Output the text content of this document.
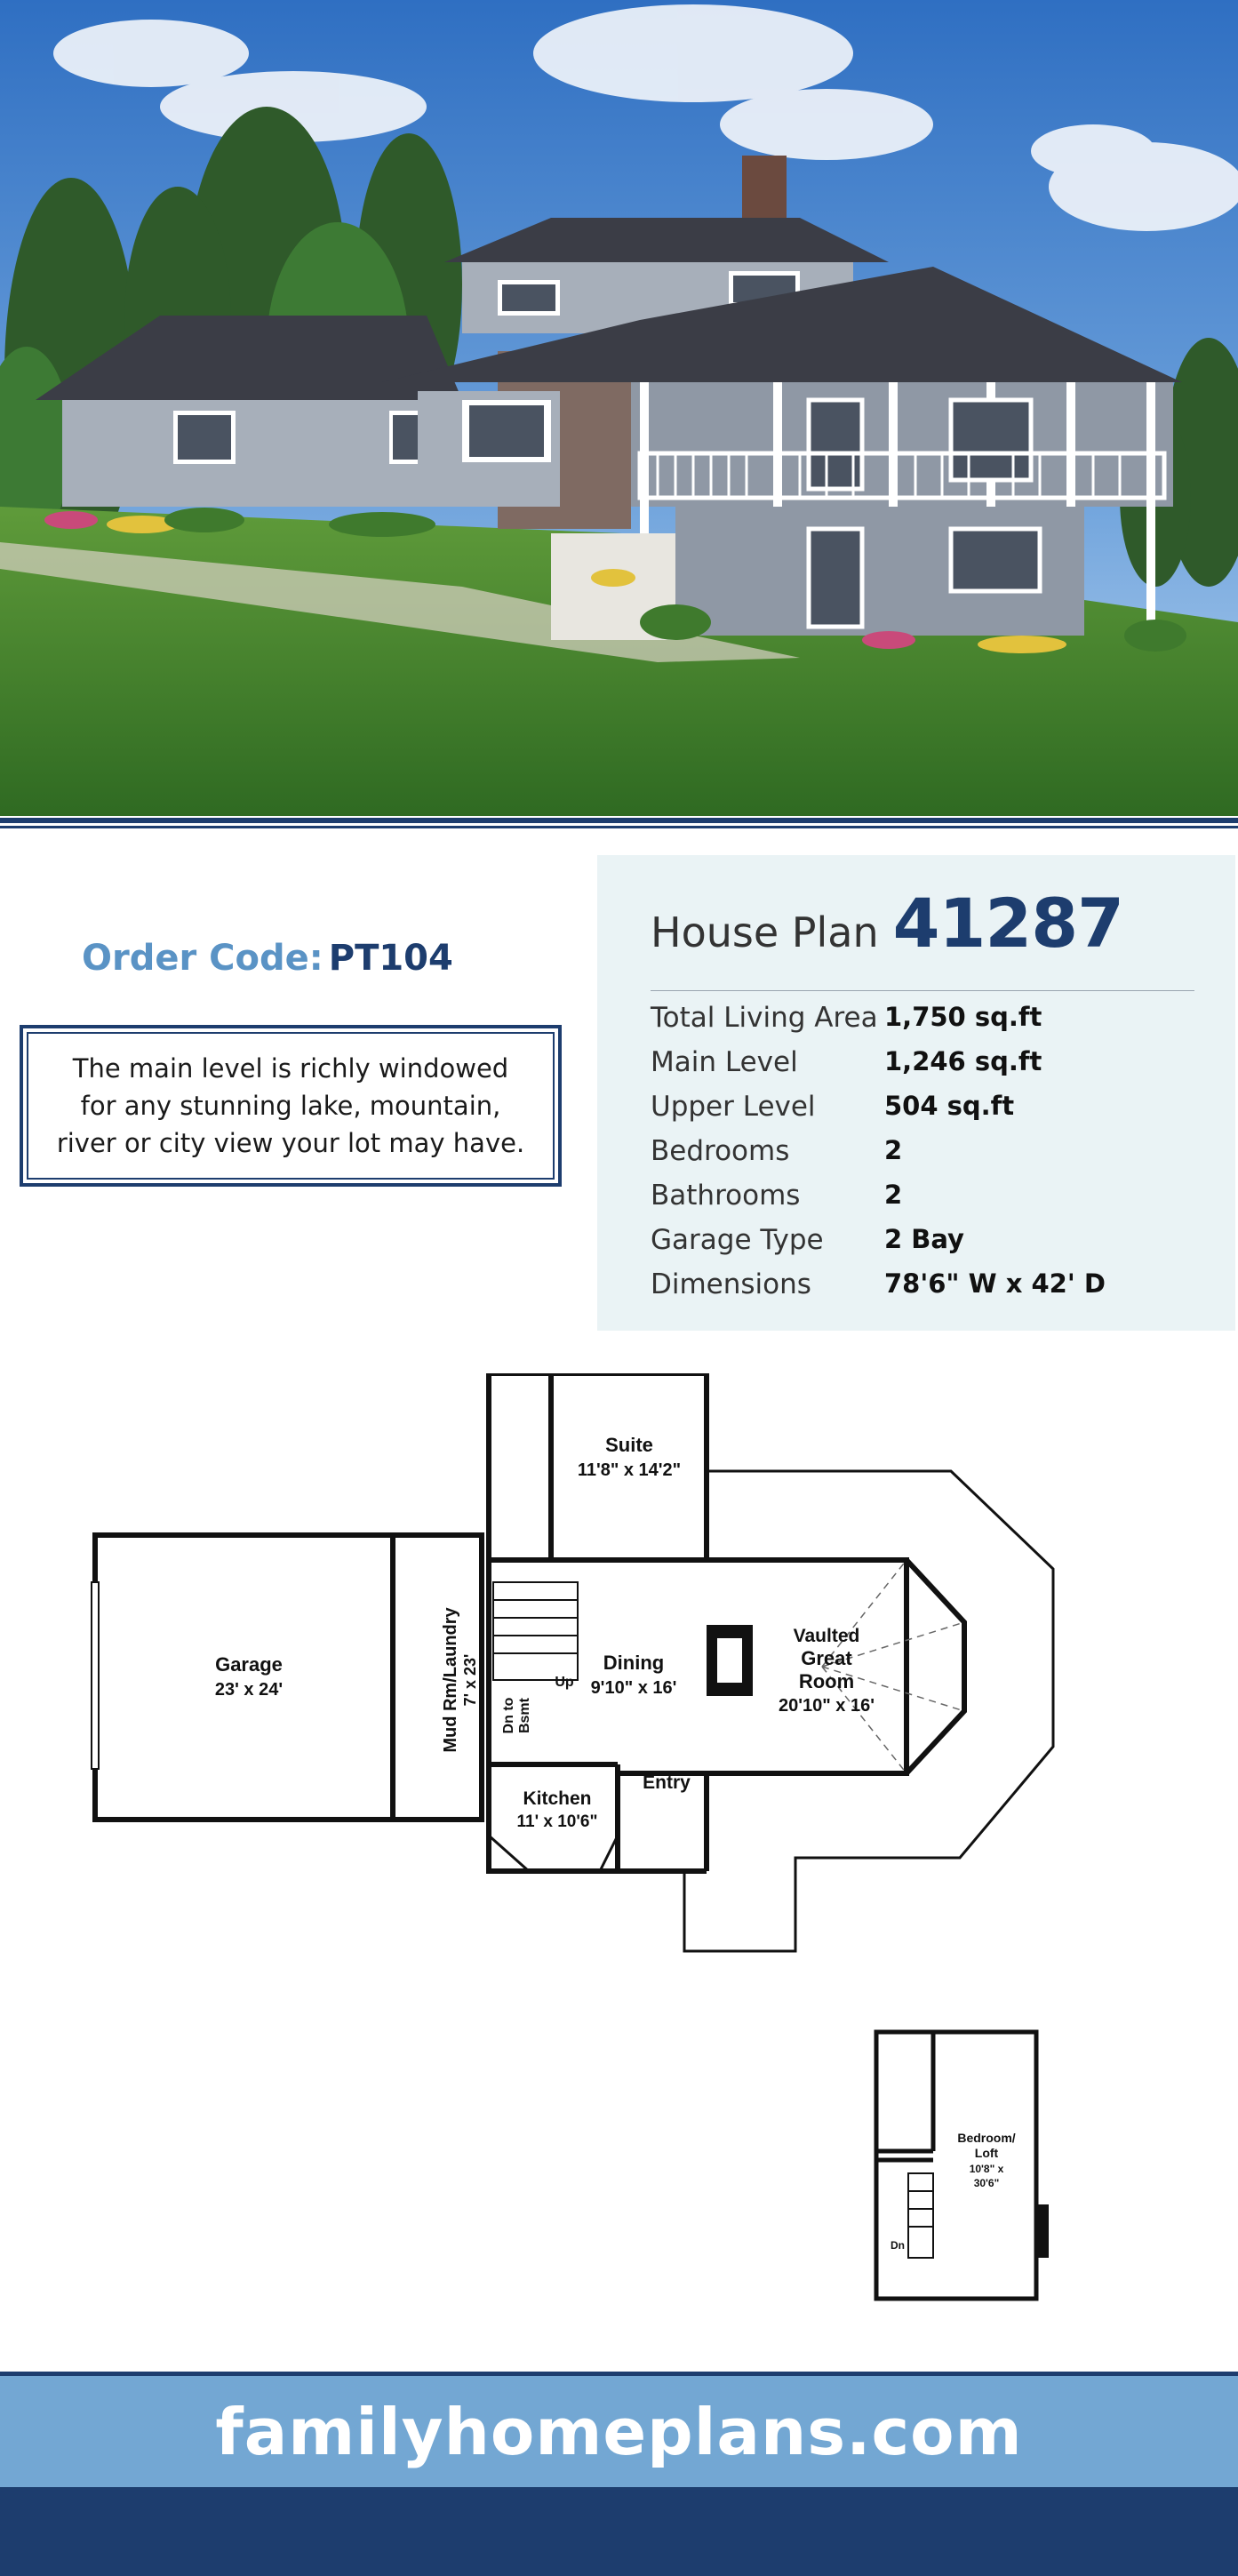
Order Code: PT104

The main level is richly windowed
for any stunning lake, mountain,
river or city view your lot may have.

House Plan 41287
Total Living Area 1,750 sq.ft
Main Level	1,246 sq.ft
Upper Level	504 sq.ft
Bedrooms	2
Bathrooms	2
Garage Type	2 Bay
Dimensions	78'6" W x 42' D
Suite
11'8" x 14'2"
Garage
23' x 24'	Mud Rm/Laundry 7' x 23'
Dn to Bsmt
Up
Dining
9'10" x 16'
Vaulted
Great
Room
20'10" x 16'
Kitchen
11' x 10'6"
Entry
Bedroom/
Loft
10'8" x
30'6"
Dn
familyhomeplans.com
